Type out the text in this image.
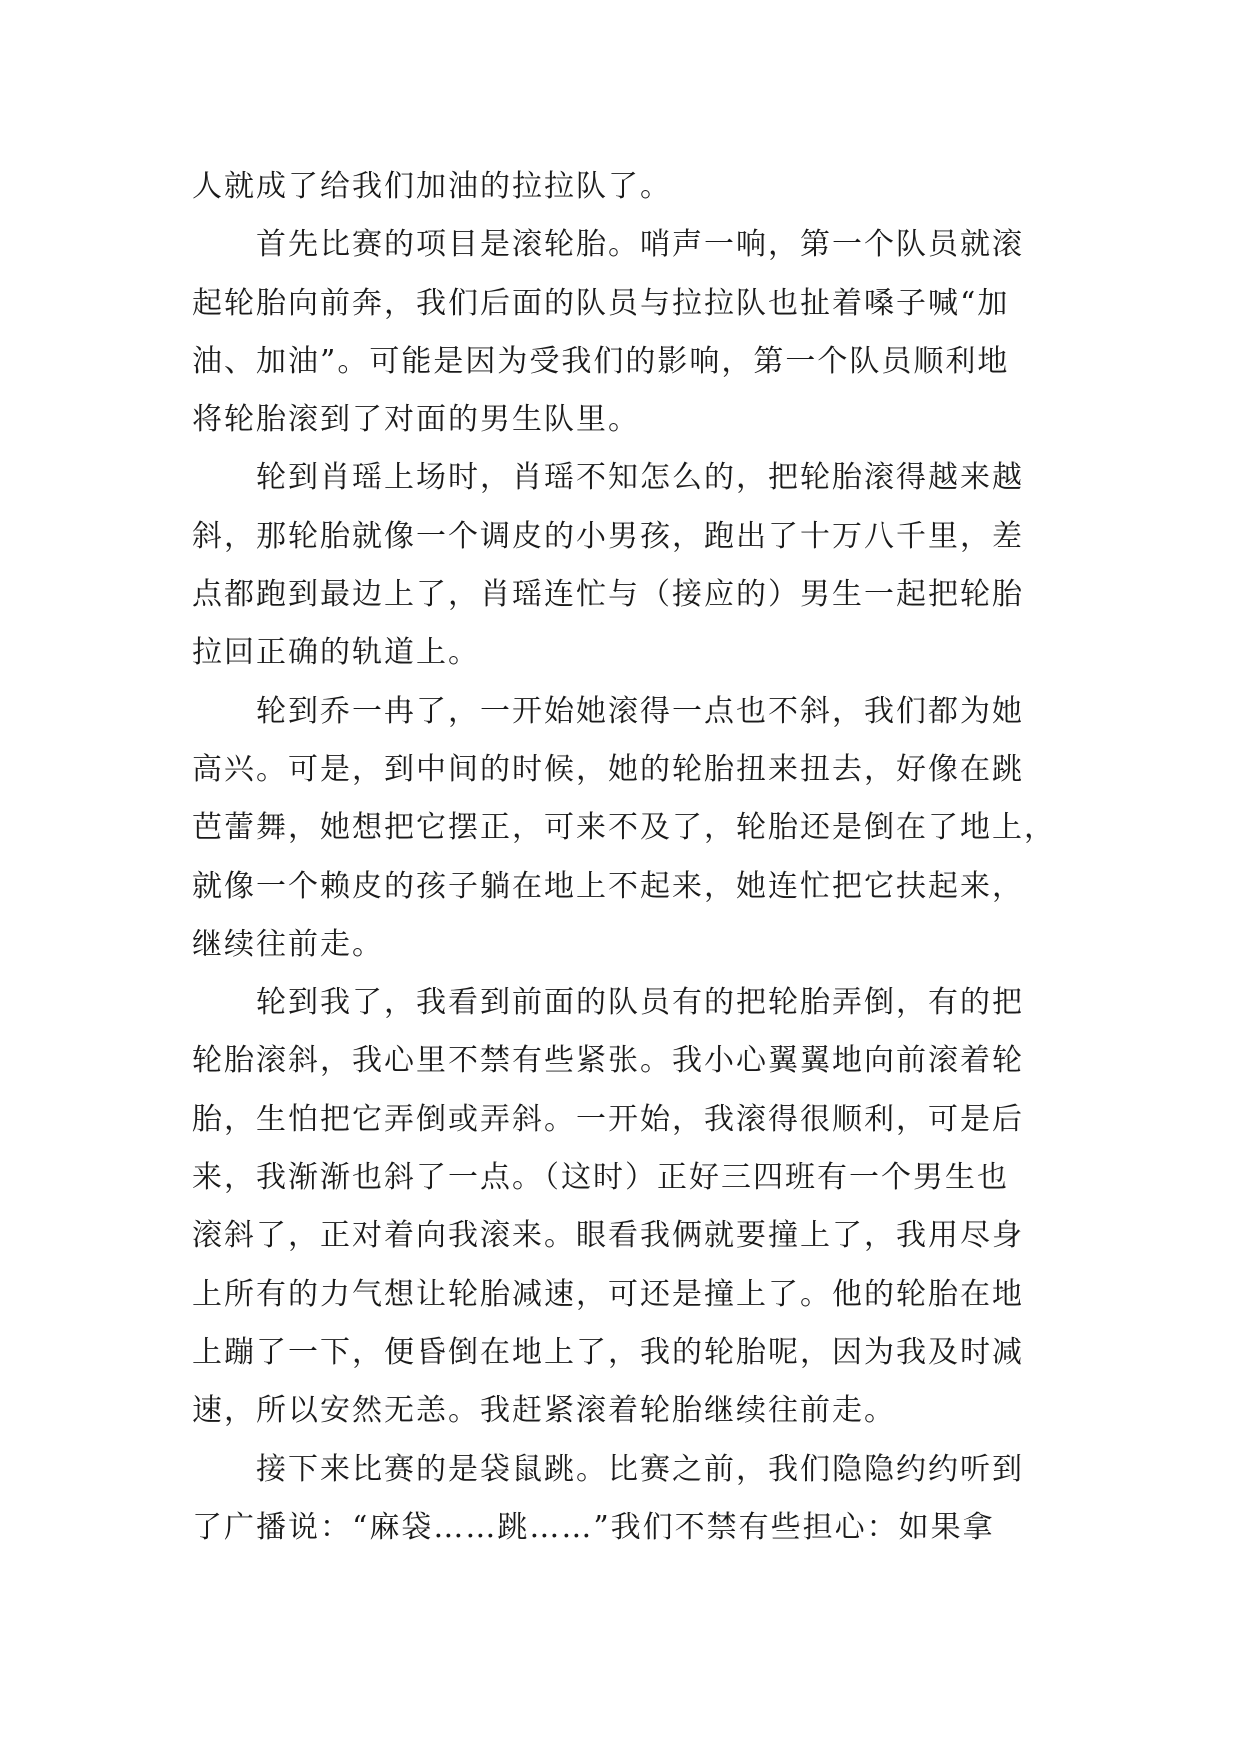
人就成了给我们加油的拉拉队了。
　　首先比赛的项目是滚轮胎。哨声一响，第一个队员就滚
起轮胎向前奔，我们后面的队员与拉拉队也扯着嗓子喊“加
油、加油”。可能是因为受我们的影响，第一个队员顺利地
将轮胎滚到了对面的男生队里。
　　轮到肖瑶上场时，肖瑶不知怎么的，把轮胎滚得越来越
斜，那轮胎就像一个调皮的小男孩，跑出了十万八千里，差
点都跑到最边上了，肖瑶连忙与（接应的）男生一起把轮胎
拉回正确的轨道上。
　　轮到乔一冉了，一开始她滚得一点也不斜，我们都为她
高兴。可是，到中间的时候，她的轮胎扭来扭去，好像在跳
芭蕾舞，她想把它摆正，可来不及了，轮胎还是倒在了地上，
就像一个赖皮的孩子躺在地上不起来，她连忙把它扶起来，
继续往前走。
　　轮到我了，我看到前面的队员有的把轮胎弄倒，有的把
轮胎滚斜，我心里不禁有些紧张。我小心翼翼地向前滚着轮
胎，生怕把它弄倒或弄斜。一开始，我滚得很顺利，可是后
来，我渐渐也斜了一点。（这时）正好三四班有一个男生也
滚斜了，正对着向我滚来。眼看我俩就要撞上了，我用尽身
上所有的力气想让轮胎减速，可还是撞上了。他的轮胎在地
上蹦了一下，便昏倒在地上了，我的轮胎呢，因为我及时减
速，所以安然无恙。我赶紧滚着轮胎继续往前走。
　　接下来比赛的是袋鼠跳。比赛之前，我们隐隐约约听到
了广播说：“麻袋……跳……”我们不禁有些担心：如果拿
